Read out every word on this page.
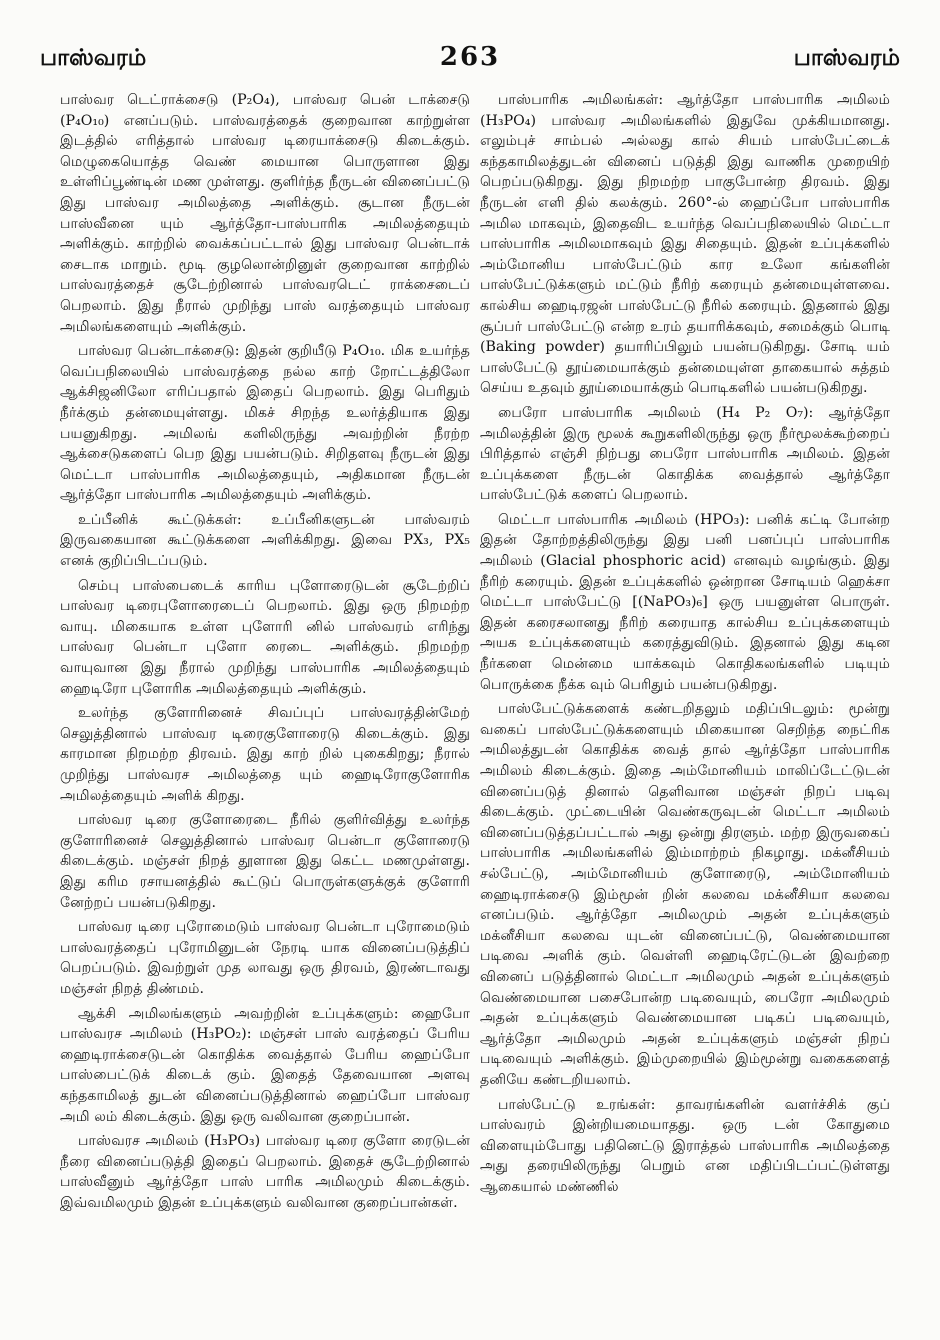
பாஸ்வரம்	263	பாஸ்வரம்

பாஸ்வர டெட்ராக்சைடு (P₂O₄), பாஸ்வர பென் டாக்சைடு (P₄O₁₀) எனப்படும். பாஸ்வரத்தைக் குறைவான காற்றுள்ள இடத்தில் எரித்தால் பாஸ்வர டிரையாக்சைடு கிடைக்கும். மெழுகையொத்த வெண் மையான பொருளான இது உள்ளிப்பூண்டின் மண முள்ளது. குளிர்ந்த நீருடன் வினைப்பட்டு இது பாஸ்வர அமிலத்தை அளிக்கும். சூடான நீருடன் பாஸ்வீனை யும் ஆர்த்தோ-பாஸ்பாரிக அமிலத்தையும் அளிக்கும். காற்றில் வைக்கப்பட்டால் இது பாஸ்வர பென்டாக் சைடாக மாறும். மூடி குழலொன்றினுள் குறைவான காற்றில் பாஸ்வரத்தைச் சூடேற்றினால் பாஸ்வரடெட் ராக்சைடைப் பெறலாம். இது நீரால் முறிந்து பாஸ் வரத்தையும் பாஸ்வர அமிலங்களையும் அளிக்கும்.

பாஸ்வர பென்டாக்சைடு: இதன் குறியீடு P₄O₁₀. மிக உயர்ந்த வெப்பநிலையில் பாஸ்வரத்தை நல்ல காற் றோட்டத்திலோ ஆக்சிஜனிலோ எரிப்பதால் இதைப் பெறலாம். இது பெரிதும் நீர்க்கும் தன்மையுள்ளது. மிகச் சிறந்த உலர்த்தியாக இது பயனுகிறது. அமிலங் களிலிருந்து அவற்றின் நீரற்ற ஆக்சைடுகளைப் பெற இது பயன்படும். சிறிதளவு நீருடன் இது மெட்டா பாஸ்பாரிக அமிலத்தையும், அதிகமான நீருடன் ஆர்த்தோ பாஸ்பாரிக அமிலத்தையும் அளிக்கும்.

உப்பீனிக் கூட்டுக்கள்: உப்பீனிகளுடன் பாஸ்வரம் இருவகையான கூட்டுக்களை அளிக்கிறது. இவை PX₃, PX₅ எனக் குறிப்பிடப்படும்.

செம்பு பாஸ்பைடைக் காரிய புளோரைடுடன் சூடேற்றிப் பாஸ்வர டிரைபுளோரைடைப் பெறலாம். இது ஒரு நிறமற்ற வாயு. மிகையாக உள்ள புளோரி னில் பாஸ்வரம் எரிந்து பாஸ்வர பென்டா புளோ ரைடை அளிக்கும். நிறமற்ற வாயுவான இது நீரால் முறிந்து பாஸ்பாரிக அமிலத்தையும் ஹைடிரோ புளோரிக அமிலத்தையும் அளிக்கும்.

உலர்ந்த குளோரினைச் சிவப்புப் பாஸ்வரத்தின்மேற் செலுத்தினால் பாஸ்வர டிரைகுளோரைடு கிடைக்கும். இது காரமான நிறமற்ற திரவம். இது காற் றில் புகைகிறது; நீரால் முறிந்து பாஸ்வரச அமிலத்தை யும் ஹைடிரோகுளோரிக அமிலத்தையும் அளிக் கிறது.

பாஸ்வர டிரை குளோரைடை நீரில் குளிர்வித்து உலர்ந்த குளோரினைச் செலுத்தினால் பாஸ்வர பென்டா குளோரைடு கிடைக்கும். மஞ்சள் நிறத் தூளான இது கெட்ட மணமுள்ளது. இது கரிம ரசாயனத்தில் கூட்டுப் பொருள்களுக்குக் குளோரி னேற்றப் பயன்படுகிறது.

பாஸ்வர டிரை புரோமைடும் பாஸ்வர பென்டா புரோமைடும் பாஸ்வரத்தைப் புரோமினுடன் நேரடி யாக வினைப்படுத்திப் பெறப்படும். இவற்றுள் முத லாவது ஒரு திரவம், இரண்டாவது மஞ்சள் நிறத் திண்மம்.

ஆக்சி அமிலங்களும் அவற்றின் உப்புக்களும்: ஹைபோ பாஸ்வரச அமிலம் (H₃PO₂): மஞ்சள் பாஸ் வரத்தைப் பேரிய ஹைடிராக்சைடுடன் கொதிக்க வைத்தால் பேரிய ஹைப்போ பாஸ்பைட்டுக் கிடைக் கும். இதைத் தேவையான அளவு கந்தகாமிலத் துடன் வினைப்படுத்தினால் ஹைப்போ பாஸ்வர அமி லம் கிடைக்கும். இது ஒரு வலிவான குறைப்பான்.

பாஸ்வரச அமிலம் (H₃PO₃) பாஸ்வர டிரை குளோ ரைடுடன் நீரை வினைப்படுத்தி இதைப் பெறலாம். இதைச் சூடேற்றினால் பாஸ்வீனும் ஆர்த்தோ பாஸ் பாரிக அமிலமும் கிடைக்கும். இவ்வமிலமும் இதன் உப்புக்களும் வலிவான குறைப்பான்கள்.

பாஸ்பாரிக அமிலங்கள்: ஆர்த்தோ பாஸ்பாரிக அமிலம் (H₃PO₄) பாஸ்வர அமிலங்களில் இதுவே முக்கியமானது. எலும்புச் சாம்பல் அல்லது கால் சியம் பாஸ்பேட்டைக் கந்தகாமிலத்துடன் வினைப் படுத்தி இது வாணிக முறையிற் பெறப்படுகிறது. இது நிறமற்ற பாகுபோன்ற திரவம். இது நீருடன் எளி தில் கலக்கும். 260°-ல் ஹைப்போ பாஸ்பாரிக அமில மாகவும், இதைவிட உயர்ந்த வெப்பநிலையில் மெட்டா பாஸ்பாரிக அமிலமாகவும் இது சிதையும். இதன் உப்புக்களில் அம்மோனிய பாஸ்பேட்டும் கார உலோ கங்களின் பாஸ்பேட்டுக்களும் மட்டும் நீரிற் கரையும் தன்மையுள்ளவை. கால்சிய ஹைடிரஜன் பாஸ்பேட்டு நீரில் கரையும். இதனால் இது சூப்பர் பாஸ்பேட்டு என்ற உரம் தயாரிக்கவும், சமைக்கும் பொடி (Baking powder) தயாரிப்பிலும் பயன்படுகிறது. சோடி யம் பாஸ்பேட்டு தூய்மையாக்கும் தன்மையுள்ள தாகையால் சுத்தம் செய்ய உதவும் தூய்மையாக்கும் பொடிகளில் பயன்படுகிறது.

பைரோ பாஸ்பாரிக அமிலம் (H₄ P₂ O₇): ஆர்த்தோ அமிலத்தின் இரு மூலக் கூறுகளிலிருந்து ஒரு நீர்மூலக்கூற்றைப் பிரித்தால் எஞ்சி நிற்பது பைரோ பாஸ்பாரிக அமிலம். இதன் உப்புக்களை நீருடன் கொதிக்க வைத்தால் ஆர்த்தோ பாஸ்பேட்டுக் களைப் பெறலாம்.

மெட்டா பாஸ்பாரிக அமிலம் (HPO₃): பனிக் கட்டி போன்ற இதன் தோற்றத்திலிருந்து இது பனி பனப்புப் பாஸ்பாரிக அமிலம் (Glacial phosphoric acid) எனவும் வழங்கும். இது நீரிற் கரையும். இதன் உப்புக்களில் ஒன்றான சோடியம் ஹெக்சா மெட்டா பாஸ்பேட்டு [(NaPO₃)₆] ஒரு பயனுள்ள பொருள். இதன் கரைசலானது நீரிற் கரையாத கால்சிய உப்புக்களையும் அயக உப்புக்களையும் கரைத்துவிடும். இதனால் இது கடின நீர்களை மென்மை யாக்கவும் கொதிகலங்களில் படியும் பொருக்கை நீக்க வும் பெரிதும் பயன்படுகிறது.

பாஸ்பேட்டுக்களைக் கண்டறிதலும் மதிப்பிடலும்: மூன்று வகைப் பாஸ்பேட்டுக்களையும் மிகையான செறிந்த நைட்ரிக அமிலத்துடன் கொதிக்க வைத் தால் ஆர்த்தோ பாஸ்பாரிக அமிலம் கிடைக்கும். இதை அம்மோனியம் மாலிப்டேட்டுடன் வினைப்படுத் தினால் தெளிவான மஞ்சள் நிறப் படிவு கிடைக்கும். முட்டையின் வெண்கருவுடன் மெட்டா அமிலம் வினைப்படுத்தப்பட்டால் அது ஒன்று திரளும். மற்ற இருவகைப் பாஸ்பாரிக அமிலங்களில் இம்மாற்றம் நிகழாது. மக்னீசியம் சல்பேட்டு, அம்மோனியம் குளோரைடு, அம்மோனியம் ஹைடிராக்சைடு இம்மூன் றின் கலவை மக்னீசியா கலவை எனப்படும். ஆர்த்தோ அமிலமும் அதன் உப்புக்களும் மக்னீசியா கலவை யுடன் வினைப்பட்டு, வெண்மையான படிவை அளிக் கும். வெள்ளி ஹைடிரேட்டுடன் இவற்றை வினைப் படுத்தினால் மெட்டா அமிலமும் அதன் உப்புக்களும் வெண்மையான பசைபோன்ற படிவையும், பைரோ அமிலமும் அதன் உப்புக்களும் வெண்மையான படிகப் படிவையும், ஆர்த்தோ அமிலமும் அதன் உப்புக்களும் மஞ்சள் நிறப் படிவையும் அளிக்கும். இம்முறையில் இம்மூன்று வகைகளைத் தனியே கண்டறியலாம்.

பாஸ்பேட்டு உரங்கள்: தாவரங்களின் வளர்ச்சிக் குப் பாஸ்வரம் இன்றியமையாதது. ஒரு டன் கோதுமை விளையும்போது பதினெட்டு இராத்தல் பாஸ்பாரிக அமிலத்தை அது தரையிலிருந்து பெறும் என மதிப்பிடப்பட்டுள்ளது ஆகையால் மண்ணில்
